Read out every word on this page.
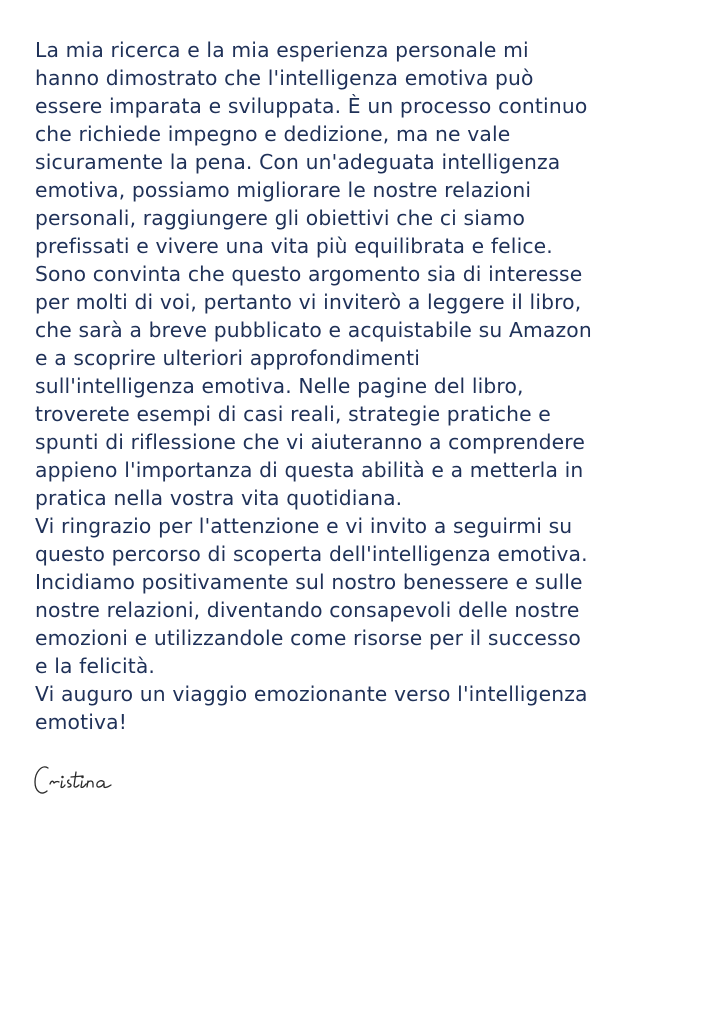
La mia ricerca e la mia esperienza personale mi
hanno dimostrato che l'intelligenza emotiva può
essere imparata e sviluppata. È un processo continuo
che richiede impegno e dedizione, ma ne vale
sicuramente la pena. Con un'adeguata intelligenza
emotiva, possiamo migliorare le nostre relazioni
personali, raggiungere gli obiettivi che ci siamo
prefissati e vivere una vita più equilibrata e felice.
Sono convinta che questo argomento sia di interesse
per molti di voi, pertanto vi inviterò a leggere il libro,
che sarà a breve pubblicato e acquistabile su Amazon
e a scoprire ulteriori approfondimenti
sull'intelligenza emotiva. Nelle pagine del libro,
troverete esempi di casi reali, strategie pratiche e
spunti di riflessione che vi aiuteranno a comprendere
appieno l'importanza di questa abilità e a metterla in
pratica nella vostra vita quotidiana.
Vi ringrazio per l'attenzione e vi invito a seguirmi su
questo percorso di scoperta dell'intelligenza emotiva.
Incidiamo positivamente sul nostro benessere e sulle
nostre relazioni, diventando consapevoli delle nostre
emozioni e utilizzandole come risorse per il successo
e la felicità.
Vi auguro un viaggio emozionante verso l'intelligenza
emotiva!
